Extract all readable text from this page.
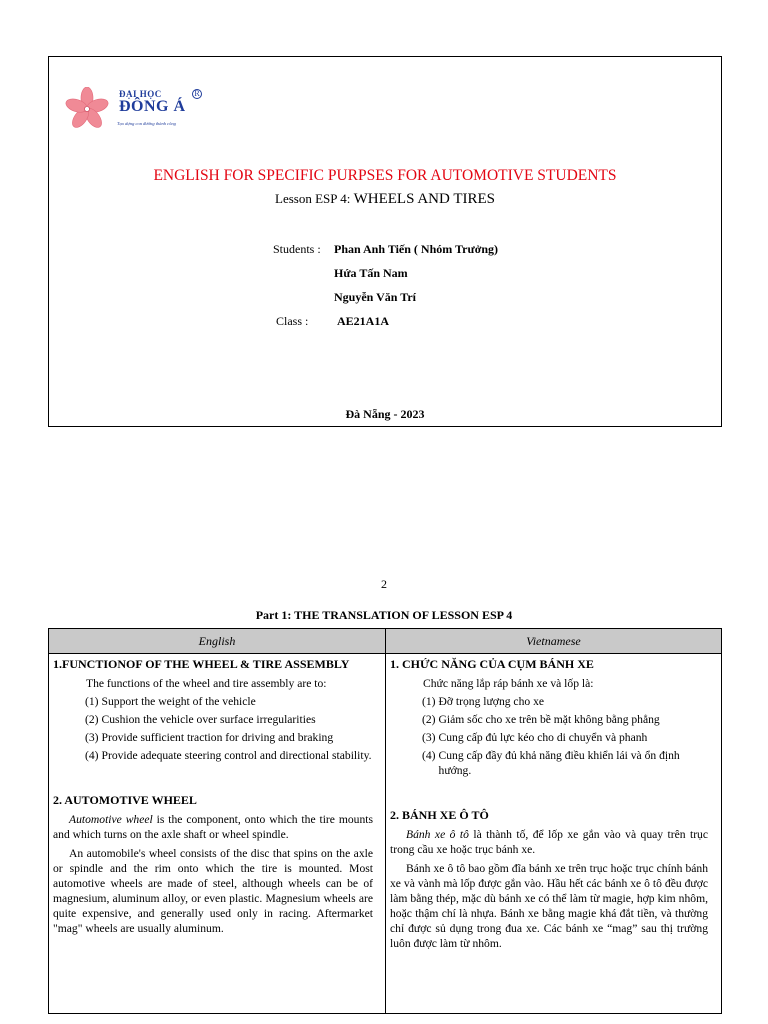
ĐẠI HỌC	R
ĐÔNG Á
Tạo dựng con đường thành công
ENGLISH FOR SPECIFIC PURPSES FOR AUTOMOTIVE STUDENTS
Lesson ESP 4: WHEELS AND TIRES
Students : Phan Anh Tiến ( Nhóm Trưởng)
Hứa Tấn Nam
Nguyễn Văn Trí
Class : AE21A1A
Đà Nẵng - 2023
2
Part 1: THE TRANSLATION OF LESSON ESP 4
English	Vietnamese
1.FUNCTIONOF OF THE WHEEL & TIRE ASSEMBLY
The functions of the wheel and tire assembly are to:
(1) Support the weight of the vehicle
(2) Cushion the vehicle over surface irregularities
(3) Provide sufficient traction for driving and braking
(4) Provide adequate steering control and directional stability.
2. AUTOMOTIVE WHEEL
Automotive wheel is the component, onto which the tire mounts and which turns on the axle shaft or wheel spindle.
An automobile's wheel consists of the disc that spins on the axle or spindle and the rim onto which the tire is mounted. Most automotive wheels are made of steel, although wheels can be of magnesium, aluminum alloy, or even plastic. Magnesium wheels are quite expensive, and generally used only in racing. Aftermarket "mag" wheels are usually aluminum.
1. CHỨC NĂNG CỦA CỤM BÁNH XE
Chức năng lắp ráp bánh xe và lốp là:
(1) Đỡ trọng lượng cho xe
(2) Giảm sốc cho xe trên bề mặt không bằng phẳng
(3) Cung cấp đủ lực kéo cho di chuyển và phanh
(4) Cung cấp đầy đủ khả năng điều khiển lái và ổn định hướng.
2. BÁNH XE Ô TÔ
Bánh xe ô tô là thành tố, để lốp xe gắn vào và quay trên trục trong cầu xe hoặc trục bánh xe.
Bánh xe ô tô bao gồm đĩa bánh xe trên trục hoặc trục chính bánh xe và vành mà lốp được gắn vào. Hầu hết các bánh xe ô tô đều được làm bằng thép, mặc dù bánh xe có thể làm từ magie, hợp kim nhôm, hoặc thậm chí là nhựa. Bánh xe bằng magie khá đắt tiền, và thường chỉ được sủ dụng trong đua xe. Các bánh xe “mag” sau thị trường luôn được làm từ nhôm.
